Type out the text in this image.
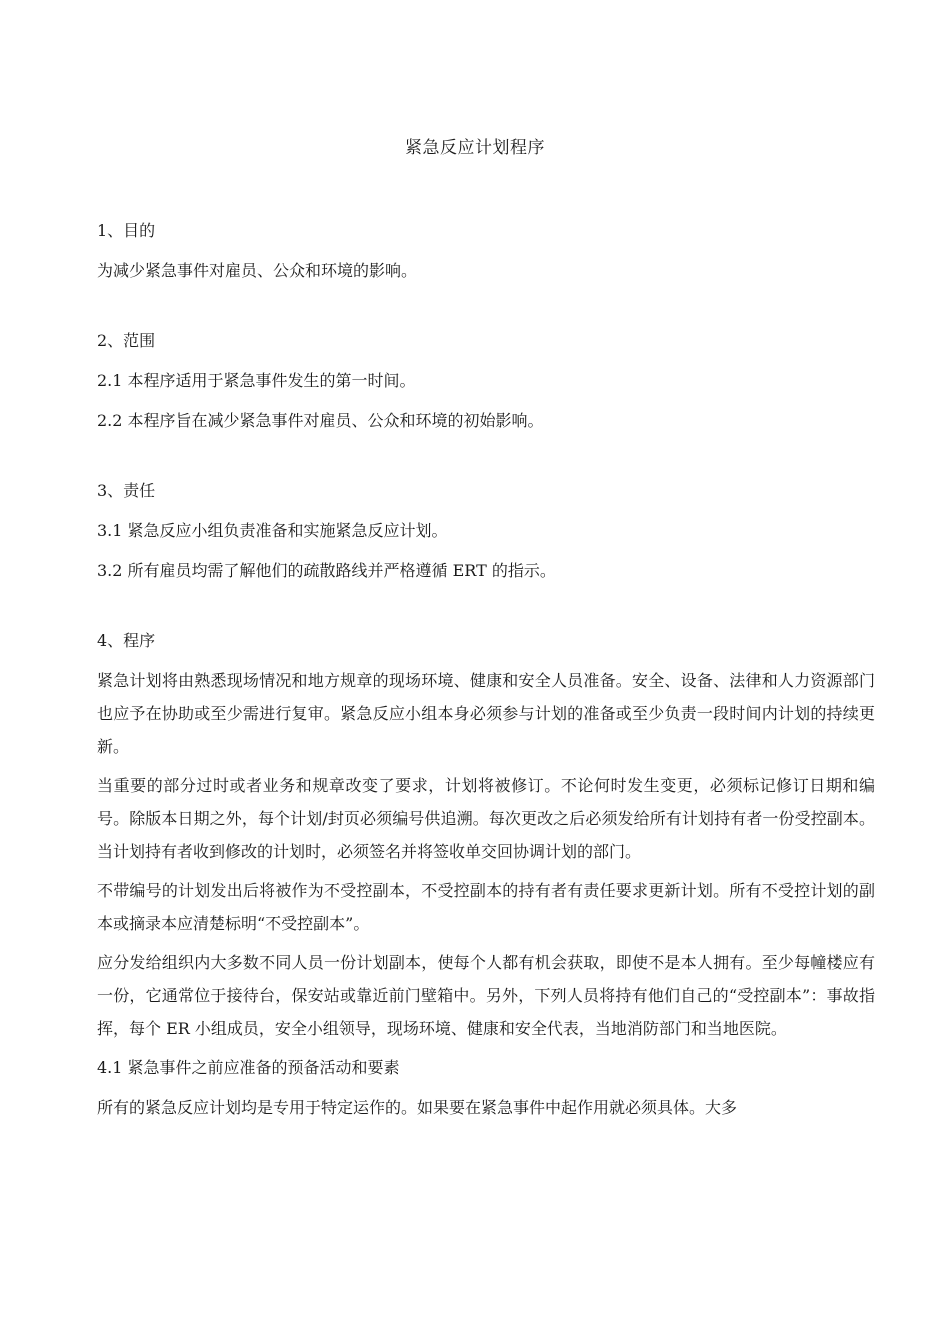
紧急反应计划程序

1、目的

为减少紧急事件对雇员、公众和环境的影响。

2、范围

2.1 本程序适用于紧急事件发生的第一时间。

2.2 本程序旨在减少紧急事件对雇员、公众和环境的初始影响。

3、责任

3.1 紧急反应小组负责准备和实施紧急反应计划。

3.2 所有雇员均需了解他们的疏散路线并严格遵循 ERT 的指示。

4、程序

紧急计划将由熟悉现场情况和地方规章的现场环境、健康和安全人员准备。安全、设备、法律和人力资源部门也应予在协助或至少需进行复审。紧急反应小组本身必须参与计划的准备或至少负责一段时间内计划的持续更新。

当重要的部分过时或者业务和规章改变了要求，计划将被修订。不论何时发生变更，必须标记修订日期和编号。除版本日期之外，每个计划/封页必须编号供追溯。每次更改之后必须发给所有计划持有者一份受控副本。当计划持有者收到修改的计划时，必须签名并将签收单交回协调计划的部门。

不带编号的计划发出后将被作为不受控副本，不受控副本的持有者有责任要求更新计划。所有不受控计划的副本或摘录本应清楚标明“不受控副本”。

应分发给组织内大多数不同人员一份计划副本，使每个人都有机会获取，即使不是本人拥有。至少每幢楼应有一份，它通常位于接待台，保安站或靠近前门壁箱中。另外，下列人员将持有他们自己的“受控副本”：事故指挥，每个 ER 小组成员，安全小组领导，现场环境、健康和安全代表，当地消防部门和当地医院。

4.1 紧急事件之前应准备的预备活动和要素

所有的紧急反应计划均是专用于特定运作的。如果要在紧急事件中起作用就必须具体。大多
